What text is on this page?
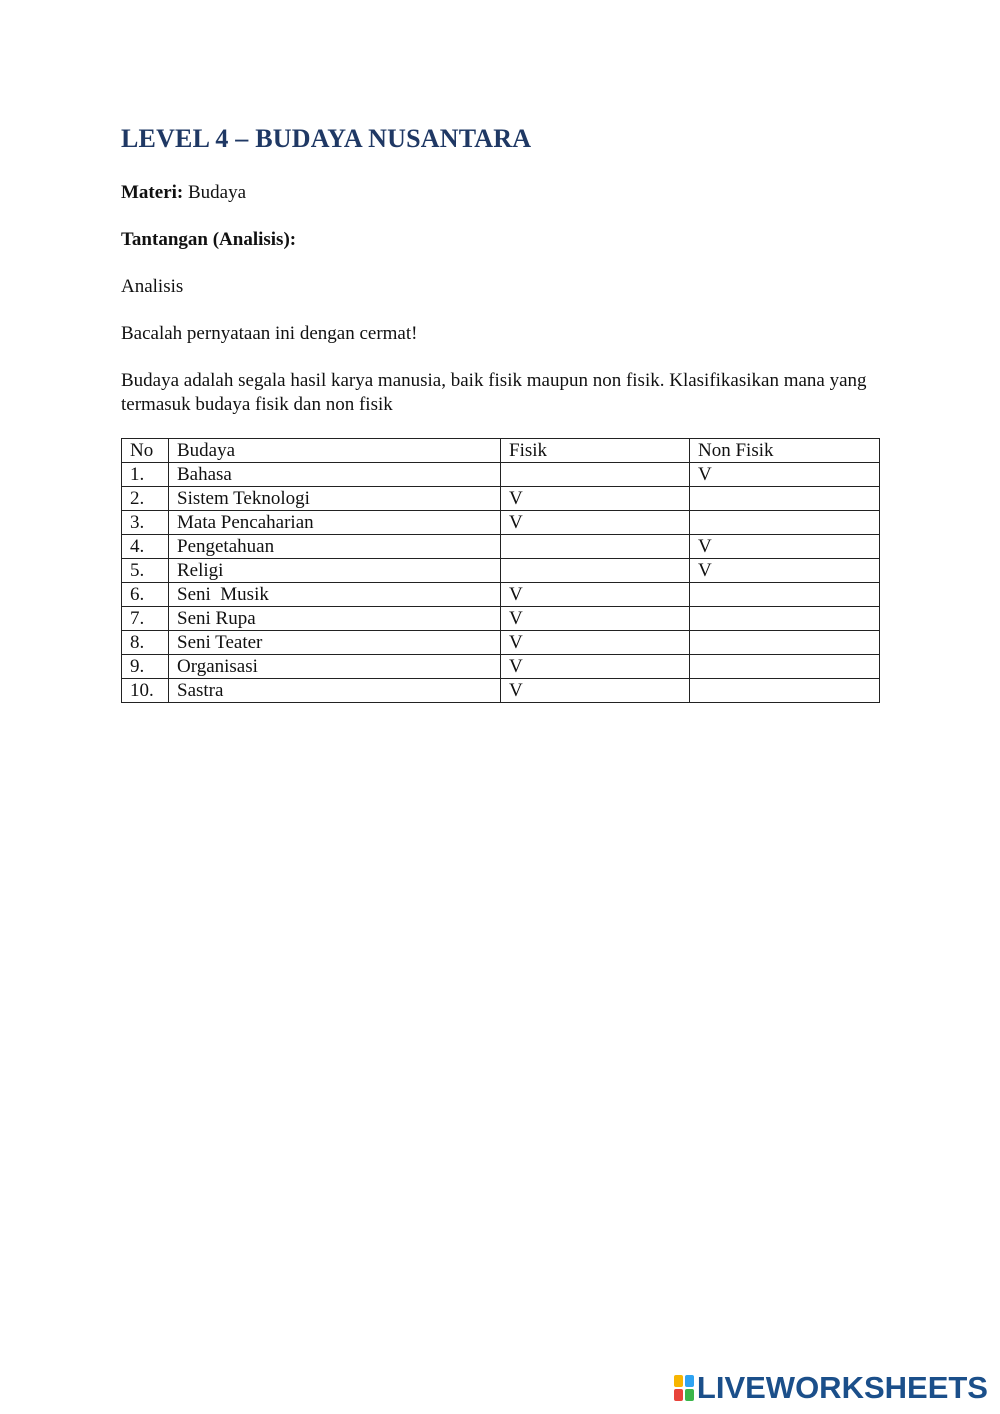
LEVEL 4 – BUDAYA NUSANTARA

Materi: Budaya

Tantangan (Analisis):

Analisis

Bacalah pernyataan ini dengan cermat!

Budaya adalah segala hasil karya manusia, baik fisik maupun non fisik. Klasifikasikan mana yang termasuk budaya fisik dan non fisik

No	Budaya	Fisik	Non Fisik
1.	Bahasa		V
2.	Sistem Teknologi	V	
3.	Mata Pencaharian	V	
4.	Pengetahuan		V
5.	Religi		V
6.	Seni  Musik	V	
7.	Seni Rupa	V	
8.	Seni Teater	V	
9.	Organisasi	V	
10.	Sastra	V	
LIVEWORKSHEETS
